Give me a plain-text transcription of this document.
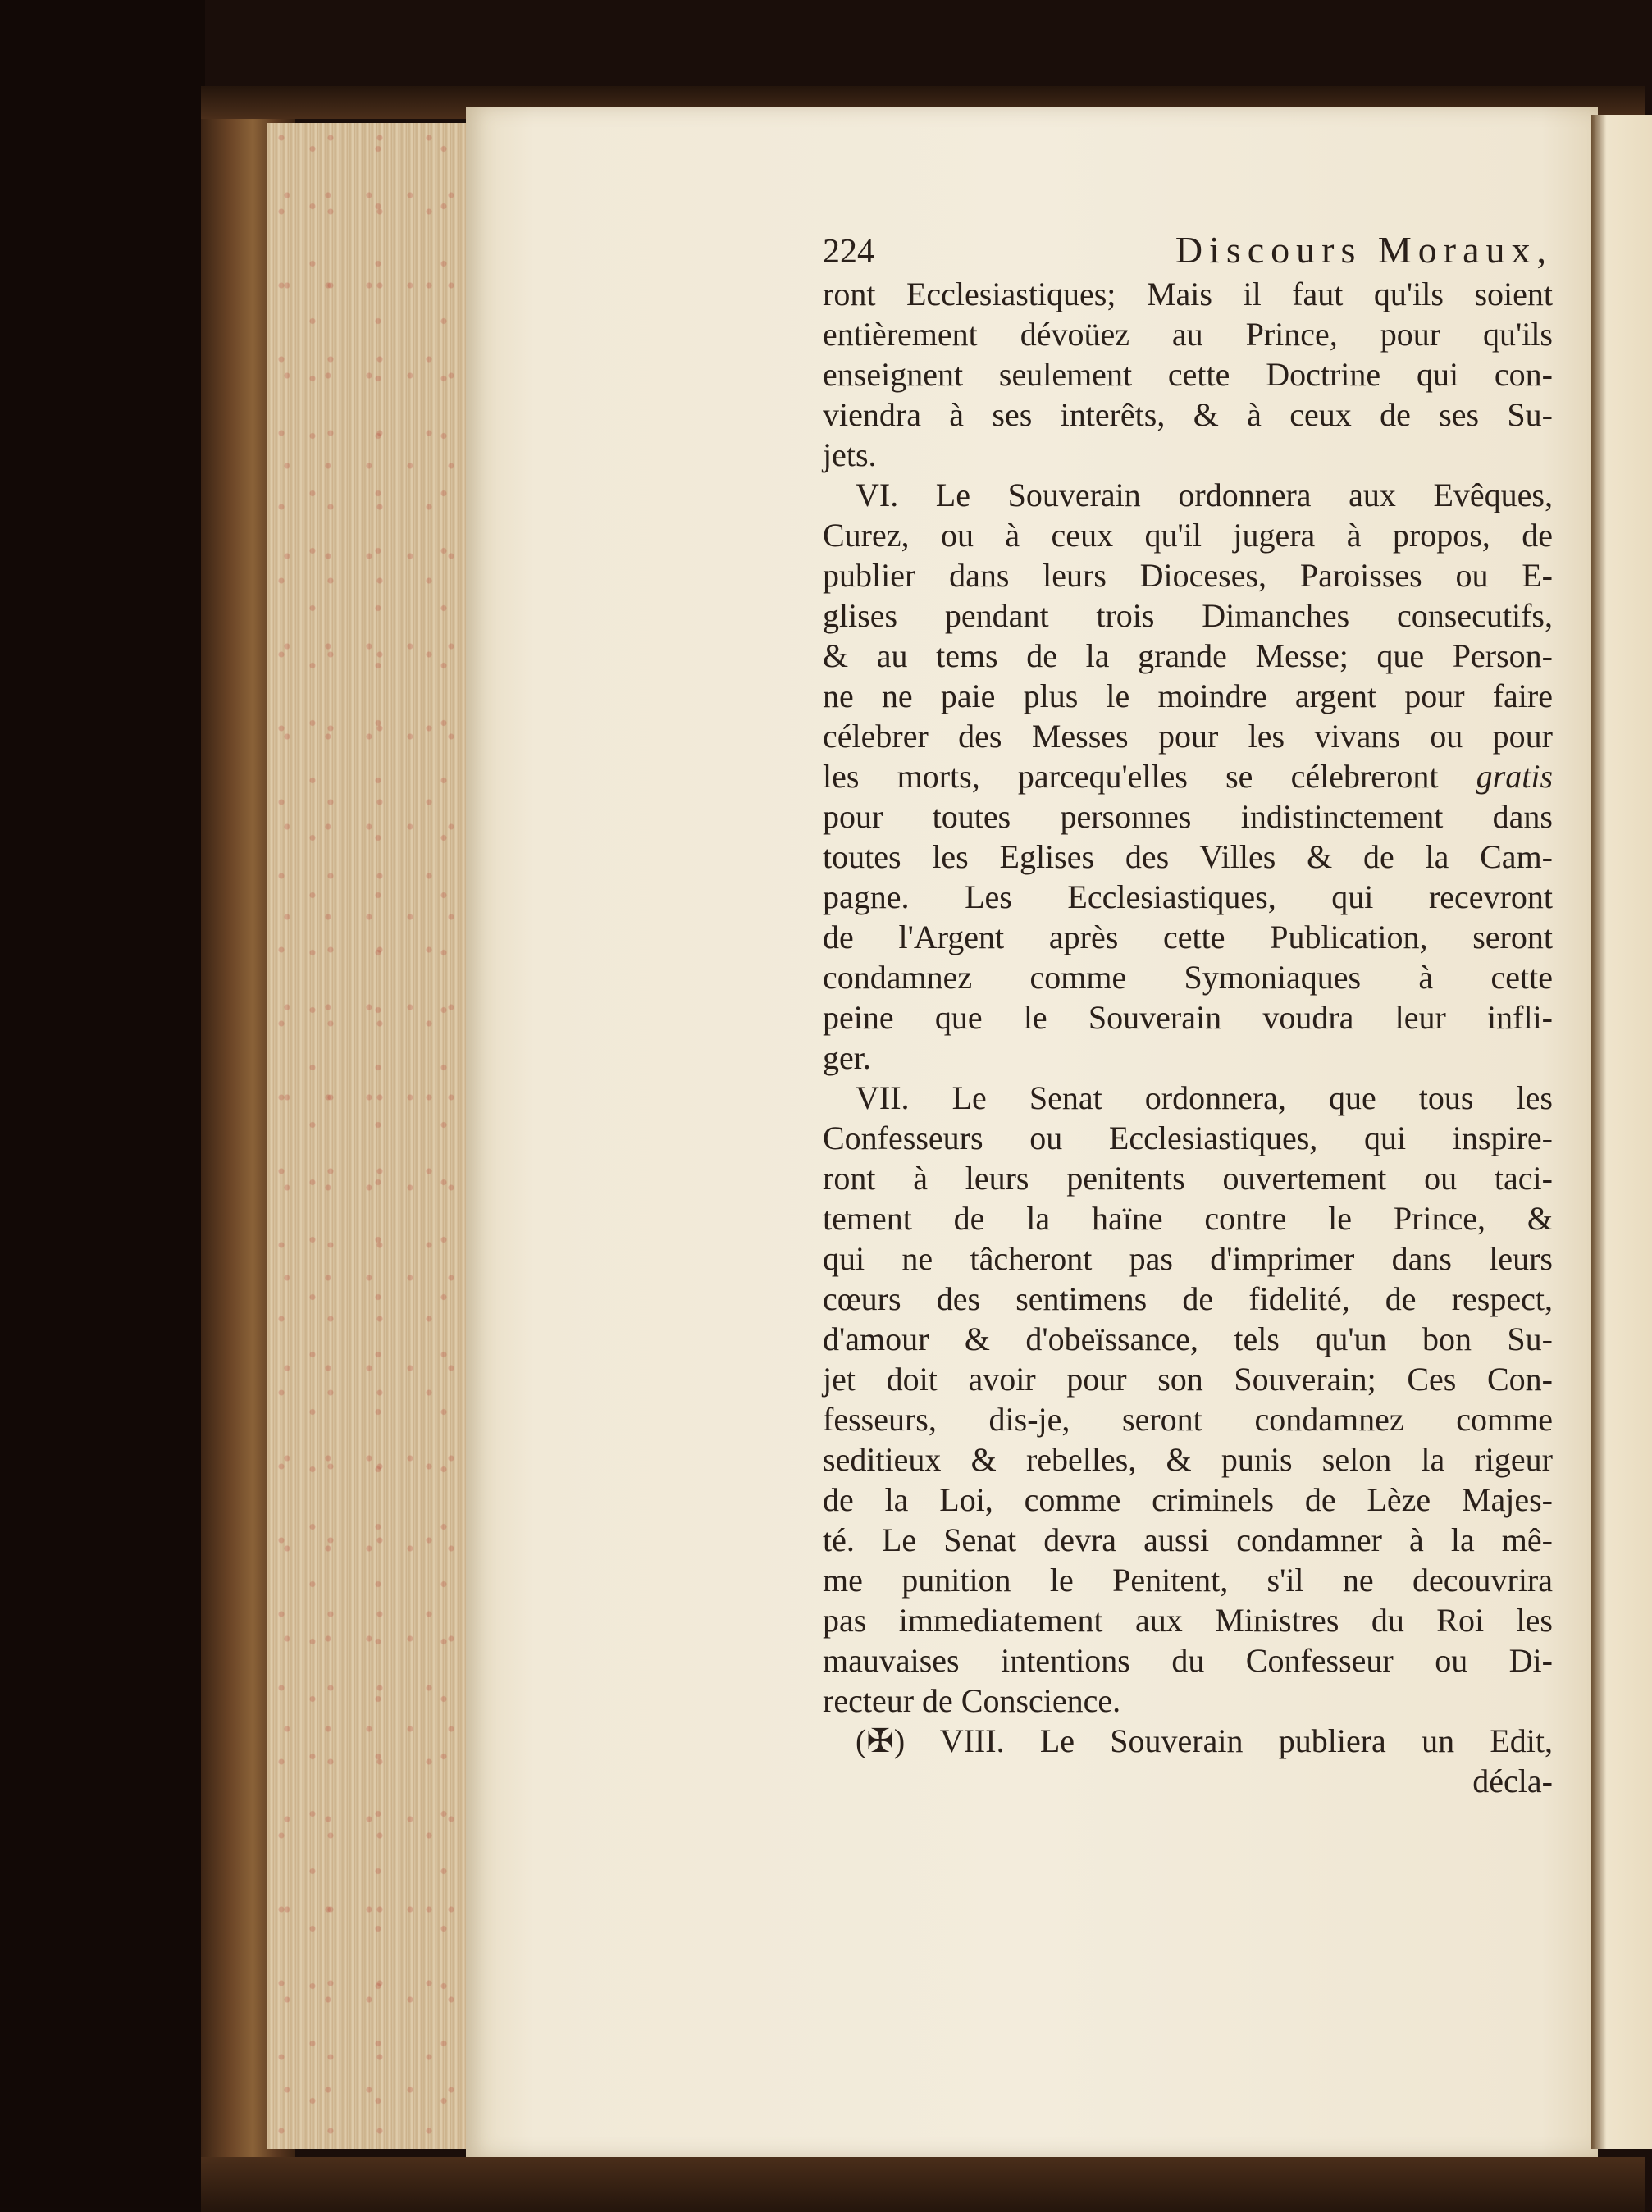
224	Discours Moraux,
ront Ecclesiastiques; Mais il faut qu'ils soient
entièrement dévoüez au Prince, pour qu'ils
enseignent seulement cette Doctrine qui con-
viendra à ses interêts, & à ceux de ses Su-
jets.
VI. Le Souverain ordonnera aux Evêques,
Curez, ou à ceux qu'il jugera à propos, de
publier dans leurs Dioceses, Paroisses ou E-
glises pendant trois Dimanches consecutifs,
& au tems de la grande Messe; que Person-
ne ne paie plus le moindre argent pour faire
célebrer des Messes pour les vivans ou pour
les morts, parcequ'elles se célebreront gratis
pour toutes personnes indistinctement dans
toutes les Eglises des Villes & de la Cam-
pagne. Les Ecclesiastiques, qui recevront
de l'Argent après cette Publication, seront
condamnez comme Symoniaques à cette
peine que le Souverain voudra leur infli-
ger.
VII. Le Senat ordonnera, que tous les
Confesseurs ou Ecclesiastiques, qui inspire-
ront à leurs penitents ouvertement ou taci-
tement de la haïne contre le Prince, &
qui ne tâcheront pas d'imprimer dans leurs
cœurs des sentimens de fidelité, de respect,
d'amour & d'obeïssance, tels qu'un bon Su-
jet doit avoir pour son Souverain; Ces Con-
fesseurs, dis-je, seront condamnez comme
seditieux & rebelles, & punis selon la rigeur
de la Loi, comme criminels de Lèze Majes-
té. Le Senat devra aussi condamner à la mê-
me punition le Penitent, s'il ne decouvrira
pas immediatement aux Ministres du Roi les
mauvaises intentions du Confesseur ou Di-
recteur de Conscience.
(✠) VIII. Le Souverain publiera un Edit,
décla-
